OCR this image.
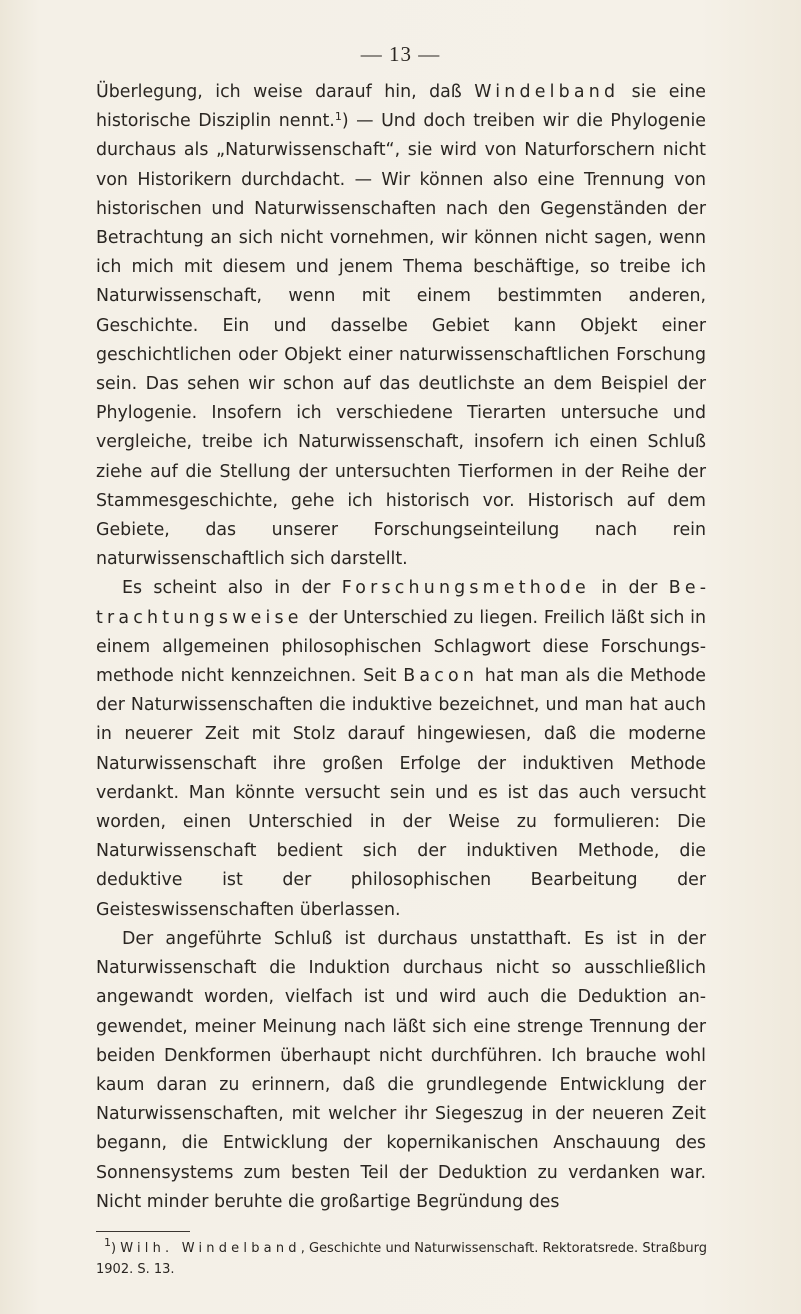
— 13 —

Überlegung, ich weise darauf hin, daß Windelband sie eine historische Disziplin nennt.$^1$) — Und doch treiben wir die Phylogenie durchaus als „Naturwissenschaft“, sie wird von Naturforschern nicht von Historikern durchdacht. — Wir können also eine Trennung von historischen und Naturwissenschaften nach den Gegenständen der Betrachtung an sich nicht vornehmen, wir können nicht sagen, wenn ich mich mit diesem und jenem Thema beschäftige, so treibe ich Naturwissenschaft, wenn mit einem bestimmten anderen, Geschichte. Ein und dasselbe Gebiet kann Objekt einer geschichtlichen oder Objekt einer naturwissenschaftlichen Forschung sein. Das sehen wir schon auf das deutlichste an dem Beispiel der Phylogenie. Insofern ich verschiedene Tierarten untersuche und vergleiche, treibe ich Naturwissenschaft, insofern ich einen Schluß ziehe auf die Stellung der untersuchten Tierformen in der Reihe der Stammesgeschichte, gehe ich historisch vor. Historisch auf dem Gebiete, das unserer Forschungseinteilung nach rein naturwissenschaftlich sich darstellt.

Es scheint also in der Forschungsmethode in der Betrachtungsweise der Unterschied zu liegen. Freilich läßt sich in einem allgemeinen philosophischen Schlagwort diese Forschungsmethode nicht kennzeichnen. Seit Bacon hat man als die Methode der Naturwissenschaften die induktive bezeichnet, und man hat auch in neuerer Zeit mit Stolz darauf hingewiesen, daß die moderne Naturwissenschaft ihre großen Erfolge der induktiven Methode verdankt. Man könnte versucht sein und es ist das auch versucht worden, einen Unterschied in der Weise zu formulieren: Die Naturwissenschaft bedient sich der induktiven Methode, die deduktive ist der philosophischen Bearbeitung der Geisteswissenschaften überlassen.

Der angeführte Schluß ist durchaus unstatthaft. Es ist in der Naturwissenschaft die Induktion durchaus nicht so ausschließlich angewandt worden, vielfach ist und wird auch die Deduktion angewendet, meiner Meinung nach läßt sich eine strenge Trennung der beiden Denkformen überhaupt nicht durchführen. Ich brauche wohl kaum daran zu erinnern, daß die grundlegende Entwicklung der Naturwissenschaften, mit welcher ihr Siegeszug in der neueren Zeit begann, die Entwicklung der kopernikanischen Anschauung des Sonnensystems zum besten Teil der Deduktion zu verdanken war. Nicht minder beruhte die großartige Begründung des

$^1$) Wilh. Windelband, Geschichte und Naturwissenschaft. Rektoratsrede. Straßburg 1902. S. 13.
